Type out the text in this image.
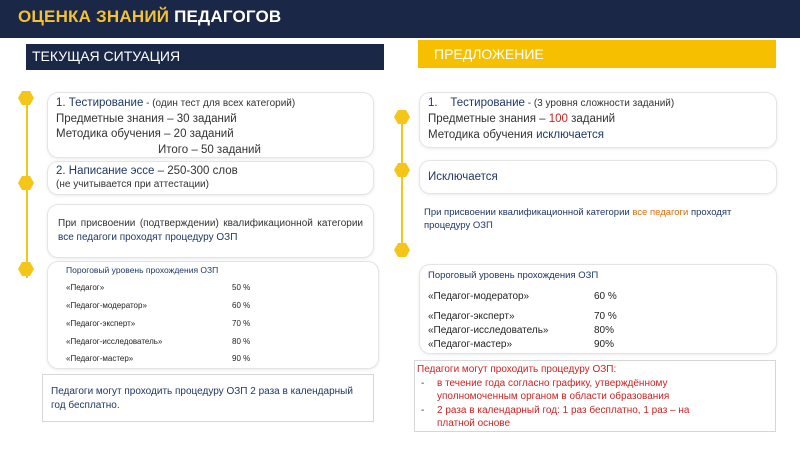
ОЦЕНКА ЗНАНИЙ ПЕДАГОГОВ
ТЕКУЩАЯ СИТУАЦИЯ	ПРЕДЛОЖЕНИЕ
1. Тестирование - (один тест для всех категорий)
Предметные знания – 30 заданий
Методика обучения – 20 заданий
Итого – 50 заданий
2. Написание эссе – 250-300 слов
(не учитывается при аттестации)
При присвоении (подтверждении) квалификационной категории все педагоги проходят процедуру ОЗП
Пороговый уровень прохождения ОЗП
«Педагог»	50 %
«Педагог-модератор»	60 %
«Педагог-эксперт»	70 %
«Педагог-исследователь»	80 %
«Педагог-мастер»	90 %
Педагоги могут проходить процедуру ОЗП 2 раза в календарный год бесплатно.
1.    Тестирование - (3 уровня сложности заданий)
Предметные знания – 100 заданий
Методика обучения исключается
Исключается
При присвоении квалификационной категории все педагоги проходят процедуру ОЗП
Пороговый уровень прохождения ОЗП
«Педагог-модератор»	60 %
«Педагог-эксперт»	70 %
«Педагог-исследователь»	80%
«Педагог-мастер»	90%
Педагоги могут проходить процедуру ОЗП:
- в течение года согласно графику, утверждённому уполномоченным органом в области образования
- 2 раза в календарный год: 1 раз бесплатно, 1 раз – на платной основе
